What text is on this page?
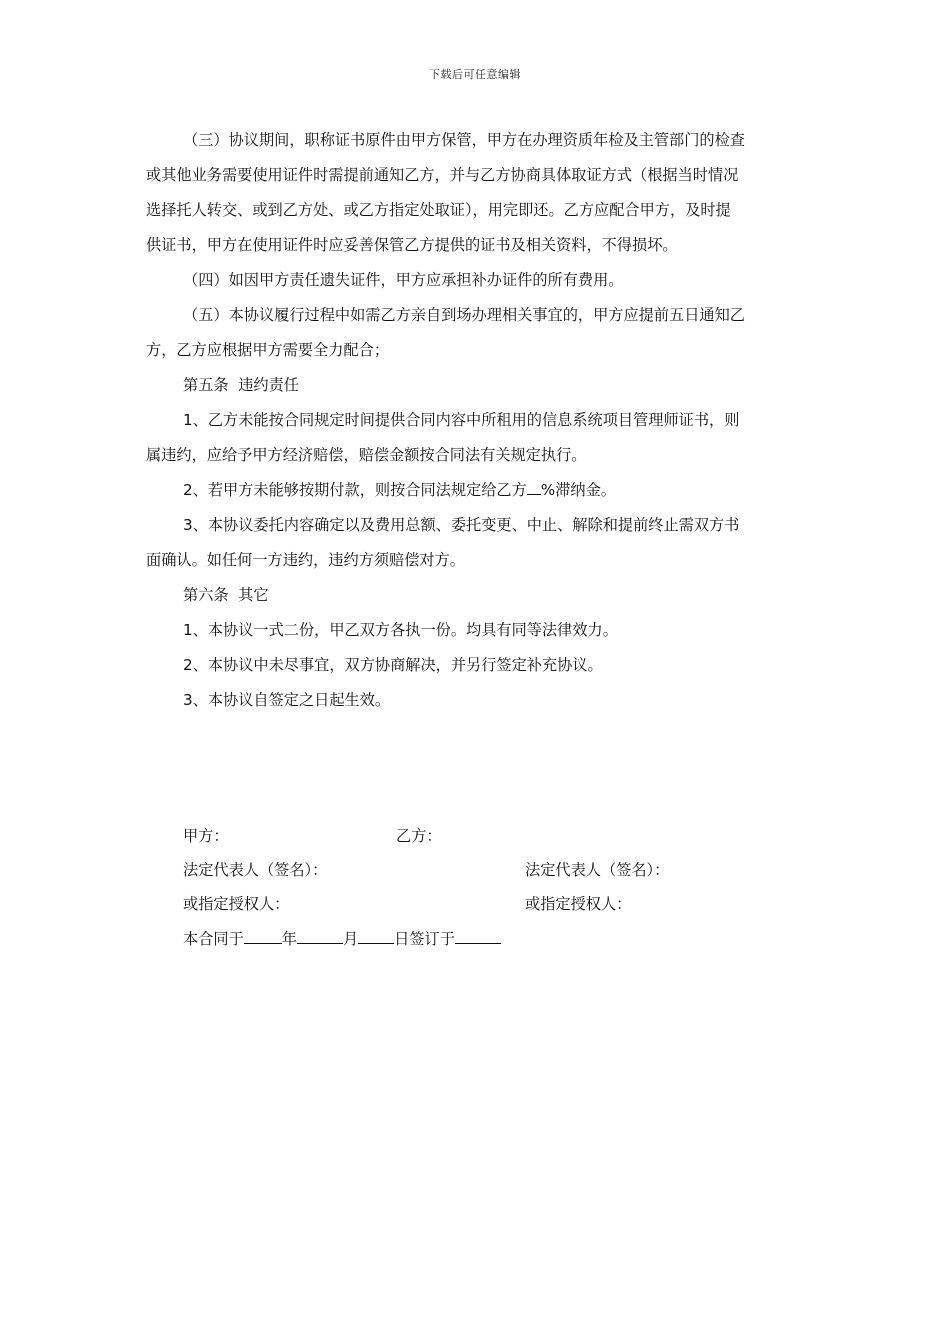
下载后可任意编辑

（三）协议期间，职称证书原件由甲方保管，甲方在办理资质年检及主管部门的检查

或其他业务需要使用证件时需提前通知乙方，并与乙方协商具体取证方式（根据当时情况

选择托人转交、或到乙方处、或乙方指定处取证），用完即还。乙方应配合甲方，及时提

供证书，甲方在使用证件时应妥善保管乙方提供的证书及相关资料，不得损坏。

（四）如因甲方责任遗失证件，甲方应承担补办证件的所有费用。

（五）本协议履行过程中如需乙方亲自到场办理相关事宜的，甲方应提前五日通知乙

方，乙方应根据甲方需要全力配合；

第五条  违约责任

1、乙方未能按合同规定时间提供合同内容中所租用的信息系统项目管理师证书，则

属违约，应给予甲方经济赔偿，赔偿金额按合同法有关规定执行。

2、若甲方未能够按期付款，则按合同法规定给乙方 %滞纳金。

3、本协议委托内容确定以及费用总额、委托变更、中止、解除和提前终止需双方书

面确认。如任何一方违约，违约方须赔偿对方。

第六条  其它

1、本协议一式二份，甲乙双方各执一份。均具有同等法律效力。

2、本协议中未尽事宜，双方协商解决，并另行签定补充协议。

3、本协议自签定之日起生效。

甲方：	乙方：
法定代表人（签名）：	法定代表人（签名）：
或指定授权人：	或指定授权人：
本合同于	年	月 日签订于
